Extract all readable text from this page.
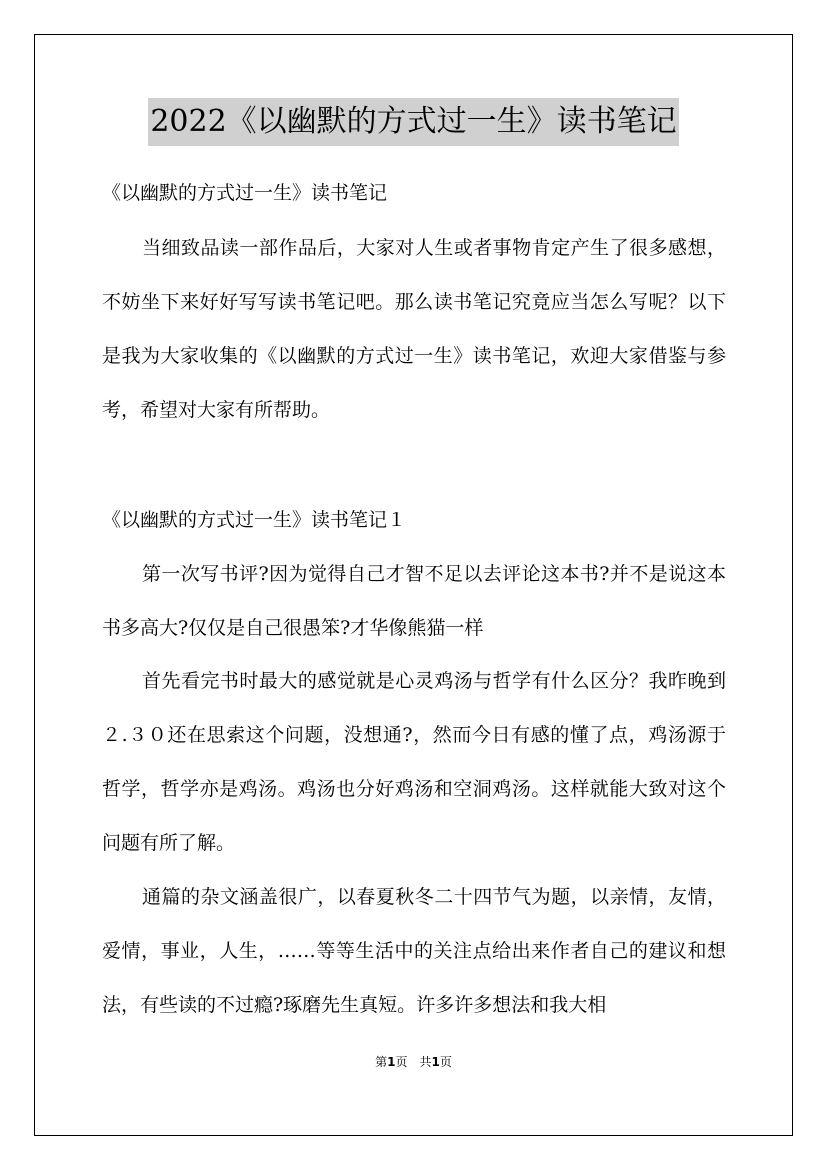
2022《以幽默的方式过一生》读书笔记
《以幽默的方式过一生》读书笔记
当细致品读一部作品后，大家对人生或者事物肯定产生了很多感想，不妨坐下来好好写写读书笔记吧。那么读书笔记究竟应当怎么写呢？以下是我为大家收集的《以幽默的方式过一生》读书笔记，欢迎大家借鉴与参考，希望对大家有所帮助。
《以幽默的方式过一生》读书笔记１
第一次写书评?因为觉得自己才智不足以去评论这本书?并不是说这本书多高大?仅仅是自己很愚笨?才华像熊猫一样
首先看完书时最大的感觉就是心灵鸡汤与哲学有什么区分？我昨晚到２.３０还在思索这个问题，没想通?，然而今日有感的懂了点，鸡汤源于哲学，哲学亦是鸡汤。鸡汤也分好鸡汤和空洞鸡汤。这样就能大致对这个问题有所了解。
通篇的杂文涵盖很广，以春夏秋冬二十四节气为题，以亲情，友情，爱情，事业，人生，……等等生活中的关注点给出来作者自己的建议和想法，有些读的不过瘾?琢磨先生真短。许多许多想法和我大相
第1页　共1页
